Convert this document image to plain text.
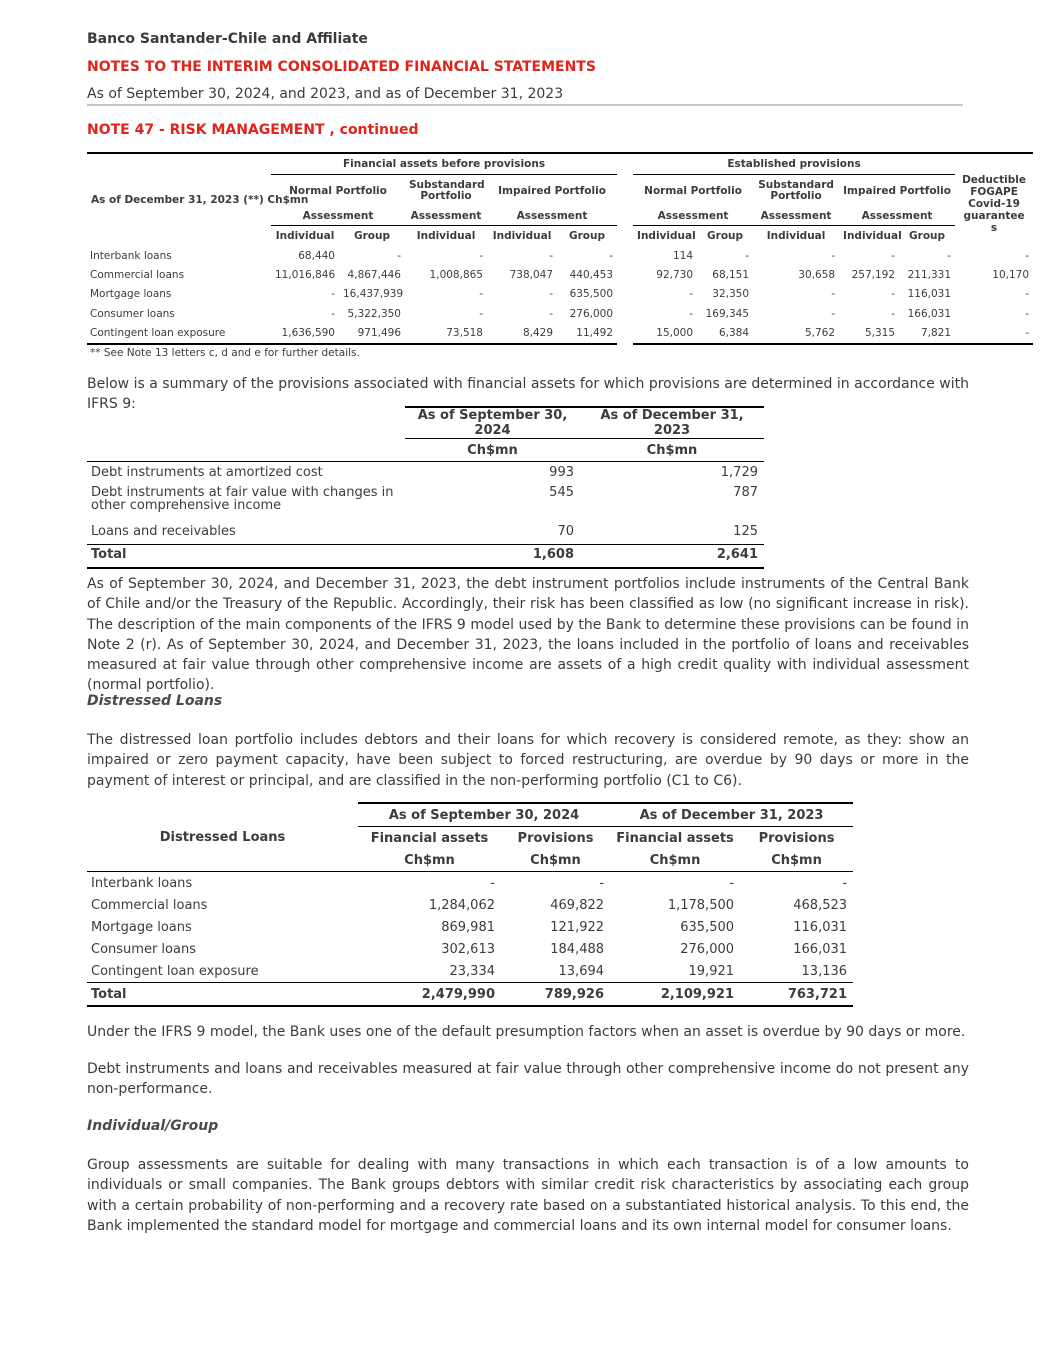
Banco Santander-Chile and Affiliate
NOTES TO THE INTERIM CONSOLIDATED FINANCIAL STATEMENTS
As of September 30, 2024, and 2023, and as of December 31, 2023
NOTE 47 - RISK MANAGEMENT , continued
As of December 31, 2023 (**) Ch$mn	Financial assets before provisions						Established provisions					Deductible FOGAPE Covid-19 guarantee s
	Normal Portfolio		Substandard Portfolio	Impaired Portfolio			Normal Portfolio		Substandard Portfolio	Impaired Portfolio		
	Assessment		Assessment	Assessment			Assessment		Assessment	Assessment		
	Individual	Group	Individual	Individual	Group		Individual	Group	Individual	Individual	Group	
Interbank loans	68,440	-	-	-	-		114	-	-	-	-	-
Commercial loans	11,016,846	4,867,446	1,008,865	738,047	440,453		92,730	68,151	30,658	257,192	211,331	10,170
Mortgage loans	-	16,437,939	-	-	635,500		-	32,350	-	-	116,031	-
Consumer loans	-	5,322,350	-	-	276,000		-	169,345	-	-	166,031	-
Contingent loan exposure	1,636,590	971,496	73,518	8,429	11,492		15,000	6,384	5,762	5,315	7,821	-
** See Note 13 letters c, d and e for further details.
Below is a summary of the provisions associated with financial assets for which provisions are determined in accordance with IFRS 9:
	As of September 30, 2024	As of December 31, 2023
	Ch$mn	Ch$mn
Debt instruments at amortized cost	993	1,729
Debt instruments at fair value with changes in other comprehensive income	545	787
Loans and receivables	70	125
Total	1,608	2,641
As of September 30, 2024, and December 31, 2023, the debt instrument portfolios include instruments of the Central Bank of Chile and/or the Treasury of the Republic. Accordingly, their risk has been classified as low (no significant increase in risk). The description of the main components of the IFRS 9 model used by the Bank to determine these provisions can be found in Note 2 (r). As of September 30, 2024, and December 31, 2023, the loans included in the portfolio of loans and receivables measured at fair value through other comprehensive income are assets of a high credit quality with individual assessment (normal portfolio).
Distressed Loans
The distressed loan portfolio includes debtors and their loans for which recovery is considered remote, as they: show an impaired or zero payment capacity, have been subject to forced restructuring, are overdue by 90 days or more in the payment of interest or principal, and are classified in the non-performing portfolio (C1 to C6).
Distressed Loans	As of September 30, 2024		As of December 31, 2023	
	Financial assets	Provisions	Financial assets	Provisions
	Ch$mn	Ch$mn	Ch$mn	Ch$mn
Interbank loans	-	-	-	-
Commercial loans	1,284,062	469,822	1,178,500	468,523
Mortgage loans	869,981	121,922	635,500	116,031
Consumer loans	302,613	184,488	276,000	166,031
Contingent loan exposure	23,334	13,694	19,921	13,136
Total	2,479,990	789,926	2,109,921	763,721
Under the IFRS 9 model, the Bank uses one of the default presumption factors when an asset is overdue by 90 days or more.
Debt instruments and loans and receivables measured at fair value through other comprehensive income do not present any non-performance.
Individual/Group
Group assessments are suitable for dealing with many transactions in which each transaction is of a low amounts to individuals or small companies. The Bank groups debtors with similar credit risk characteristics by associating each group with a certain probability of non-performing and a recovery rate based on a substantiated historical analysis. To this end, the Bank implemented the standard model for mortgage and commercial loans and its own internal model for consumer loans.
